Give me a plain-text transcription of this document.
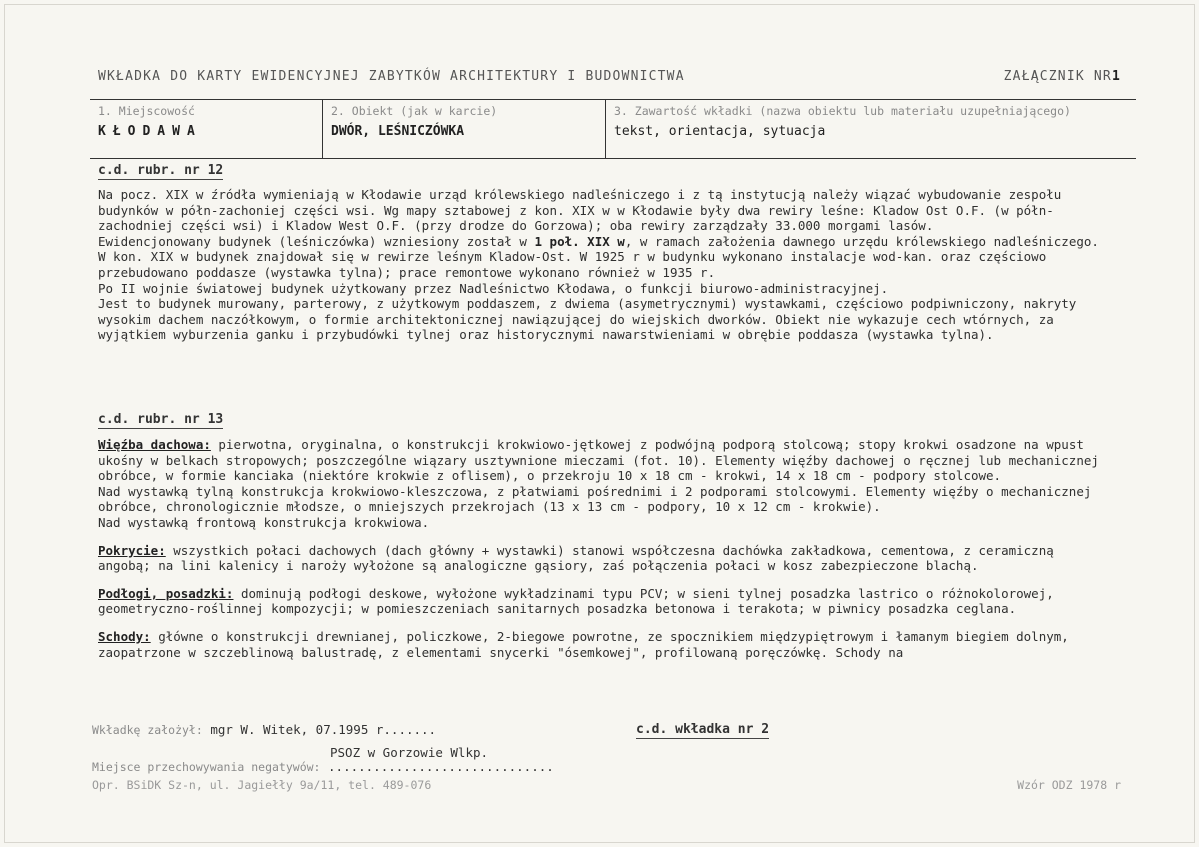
WKŁADKA DO KARTY EWIDENCYJNEJ ZABYTKÓW ARCHITEKTURY I BUDOWNICTWA	ZAŁĄCZNIK NR1
1. Miejscowość
KŁODAWA
2. Obiekt (jak w karcie)
DWÓR, LEŚNICZÓWKA
3. Zawartość wkładki (nazwa obiektu lub materiału uzupełniającego)
tekst, orientacja, sytuacja
c.d. rubr. nr 12

Na pocz. XIX w źródła wymieniają w Kłodawie urząd królewskiego nadleśniczego i z tą instytucją należy wiązać wybudowanie zespołu budynków w półn-zachoniej części wsi. Wg mapy sztabowej z kon. XIX w w Kłodawie były dwa rewiry leśne: Kladow Ost O.F. (w półn-zachodniej części wsi) i Kladow West O.F. (przy drodze do Gorzowa); oba rewiry zarządzały 33.000 morgami lasów.

Ewidencjonowany budynek (leśniczówka) wzniesiony został w 1 poł. XIX w, w ramach założenia dawnego urzędu królewskiego nadleśniczego. W kon. XIX w budynek znajdował się w rewirze leśnym Kladow-Ost. W 1925 r w budynku wykonano instalacje wod-kan. oraz częściowo przebudowano poddasze (wystawka tylna); prace remontowe wykonano również w 1935 r.

Po II wojnie światowej budynek użytkowany przez Nadleśnictwo Kłodawa, o funkcji biurowo-administracyjnej.

Jest to budynek murowany, parterowy, z użytkowym poddaszem, z dwiema (asymetrycznymi) wystawkami, częściowo podpiwniczony, nakryty wysokim dachem naczółkowym, o formie architektonicznej nawiązującej do wiejskich dworków. Obiekt nie wykazuje cech wtórnych, za wyjątkiem wyburzenia ganku i przybudówki tylnej oraz historycznymi nawarstwieniami w obrębie poddasza (wystawka tylna).

c.d. rubr. nr 13

Więźba dachowa: pierwotna, oryginalna, o konstrukcji krokwiowo-jętkowej z podwójną podporą stolcową; stopy krokwi osadzone na wpust ukośny w belkach stropowych; poszczególne wiązary usztywnione mieczami (fot. 10). Elementy więźby dachowej o ręcznej lub mechanicznej obróbce, w formie kanciaka (niektóre krokwie z oflisem), o przekroju 10 x 18 cm - krokwi, 14 x 18 cm - podpory stolcowe.

Nad wystawką tylną konstrukcja krokwiowo-kleszczowa, z płatwiami pośrednimi i 2 podporami stolcowymi. Elementy więźby o mechanicznej obróbce, chronologicznie młodsze, o mniejszych przekrojach (13 x 13 cm - podpory, 10 x 12 cm - krokwie).

Nad wystawką frontową konstrukcja krokwiowa.

Pokrycie: wszystkich połaci dachowych (dach główny + wystawki) stanowi współczesna dachówka zakładkowa, cementowa, z ceramiczną angobą; na lini kalenicy i naroży wyłożone są analogiczne gąsiory, zaś połączenia połaci w kosz zabezpieczone blachą.

Podłogi, posadzki: dominują podłogi deskowe, wyłożone wykładzinami typu PCV; w sieni tylnej posadzka lastrico o różnokolorowej, geometryczno-roślinnej kompozycji; w pomieszczeniach sanitarnych posadzka betonowa i terakota; w piwnicy posadzka ceglana.

Schody: główne o konstrukcji drewnianej, policzkowe, 2-biegowe powrotne, ze spocznikiem międzypiętrowym i łamanym biegiem dolnym, zaopatrzone w szczeblinową balustradę, z elementami snycerki "ósemkowej", profilowaną poręczówkę. Schody na

Wkładkę założył: mgr W. Witek, 07.1995 r.......	c.d. wkładka nr 2
PSOZ w Gorzowie Wlkp.
Miejsce przechowywania negatywów: ..............................
Opr. BSiDK Sz-n, ul. Jagiełły 9a/11, tel. 489-076	Wzór ODZ 1978 r
